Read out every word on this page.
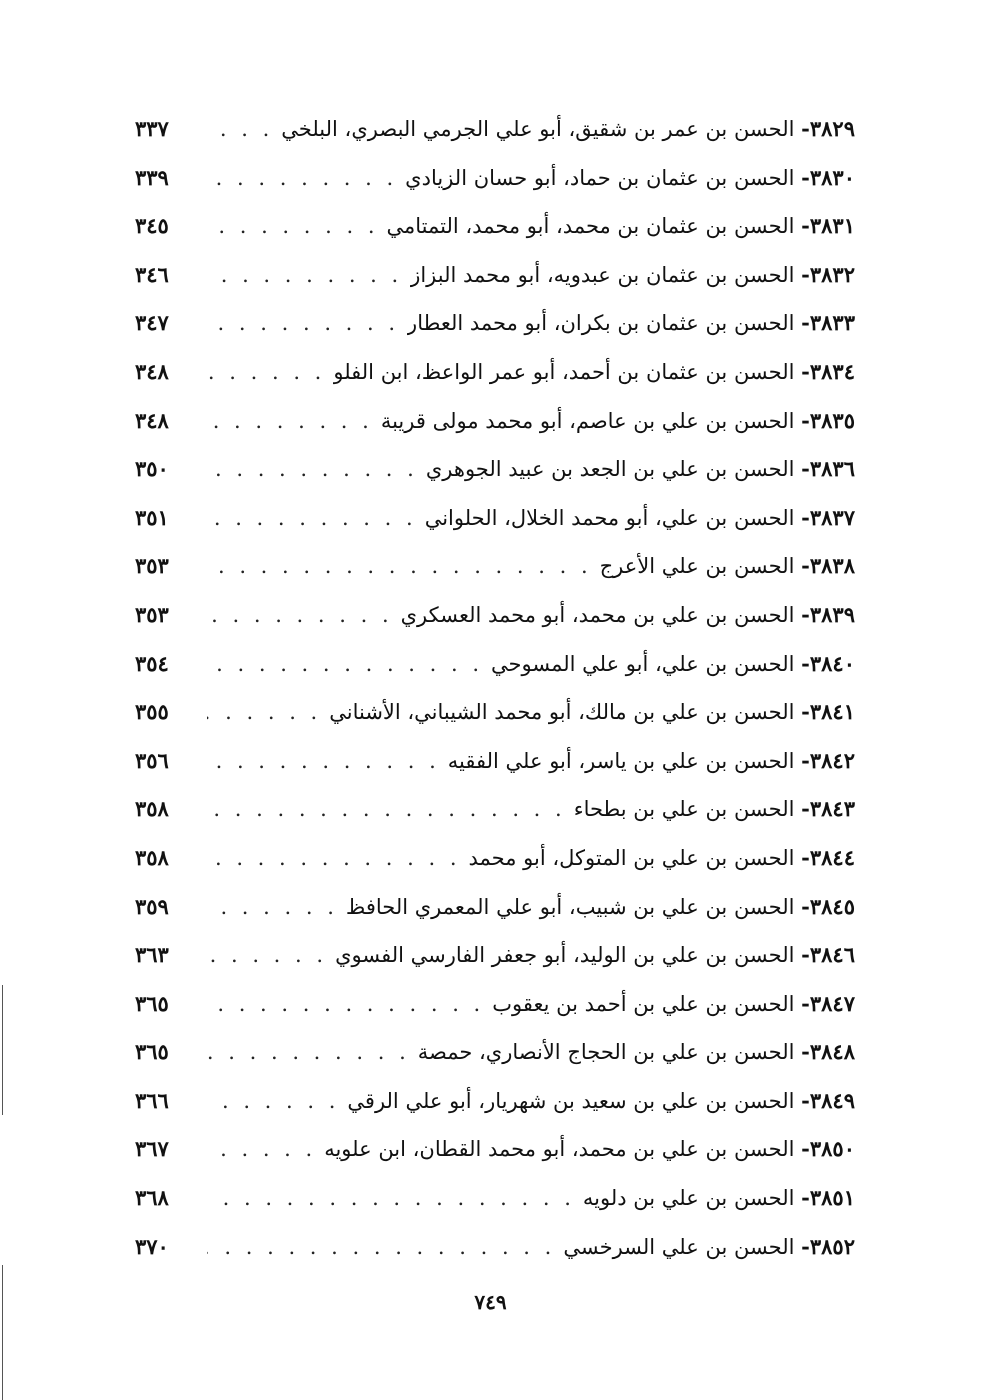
٣٨٢٩- الحسن بن عمر بن شقيق، أبو علي الجرمي البصري، البلخي
. . .
٣٣٧
٣٨٣٠- الحسن بن عثمان بن حماد، أبو حسان الزيادي
. . .
٣٣٩
٣٨٣١- الحسن بن عثمان بن محمد، أبو محمد، التمتامي
. . .
٣٤٥
٣٨٣٢- الحسن بن عثمان بن عبدويه، أبو محمد البزاز
. . .
٣٤٦
٣٨٣٣- الحسن بن عثمان بن بكران، أبو محمد العطار
. . .
٣٤٧
٣٨٣٤- الحسن بن عثمان بن أحمد، أبو عمر الواعظ، ابن الفلو
. . .
٣٤٨
٣٨٣٥- الحسن بن علي بن عاصم، أبو محمد مولى قريبة
. . .
٣٤٨
٣٨٣٦- الحسن بن علي بن الجعد بن عبيد الجوهري
. . .
٣٥٠
٣٨٣٧- الحسن بن علي، أبو محمد الخلال، الحلواني
. . .
٣٥١
٣٨٣٨- الحسن بن علي الأعرج
. . .
٣٥٣
٣٨٣٩- الحسن بن علي بن محمد، أبو محمد العسكري
. . .
٣٥٣
٣٨٤٠- الحسن بن علي، أبو علي المسوحي
. . .
٣٥٤
٣٨٤١- الحسن بن علي بن مالك، أبو محمد الشيباني، الأشناني
. . .
٣٥٥
٣٨٤٢- الحسن بن علي بن ياسر، أبو علي الفقيه
. . .
٣٥٦
٣٨٤٣- الحسن بن علي بن بطحاء
. . .
٣٥٨
٣٨٤٤- الحسن بن علي بن المتوكل، أبو محمد
. . .
٣٥٨
٣٨٤٥- الحسن بن علي بن شبيب، أبو علي المعمري الحافظ
. . .
٣٥٩
٣٨٤٦- الحسن بن علي بن الوليد، أبو جعفر الفارسي الفسوي
. . .
٣٦٣
٣٨٤٧- الحسن بن علي بن أحمد بن يعقوب
. . .
٣٦٥
٣٨٤٨- الحسن بن علي بن الحجاج الأنصاري، حمصة
. . .
٣٦٥
٣٨٤٩- الحسن بن علي بن سعيد بن شهريار، أبو علي الرقي
. . .
٣٦٦
٣٨٥٠- الحسن بن علي بن محمد، أبو محمد القطان، ابن علويه
. . .
٣٦٧
٣٨٥١- الحسن بن علي بن دلويه
. . .
٣٦٨
٣٨٥٢- الحسن بن علي السرخسي
. . .
٣٧٠
٧٤٩
